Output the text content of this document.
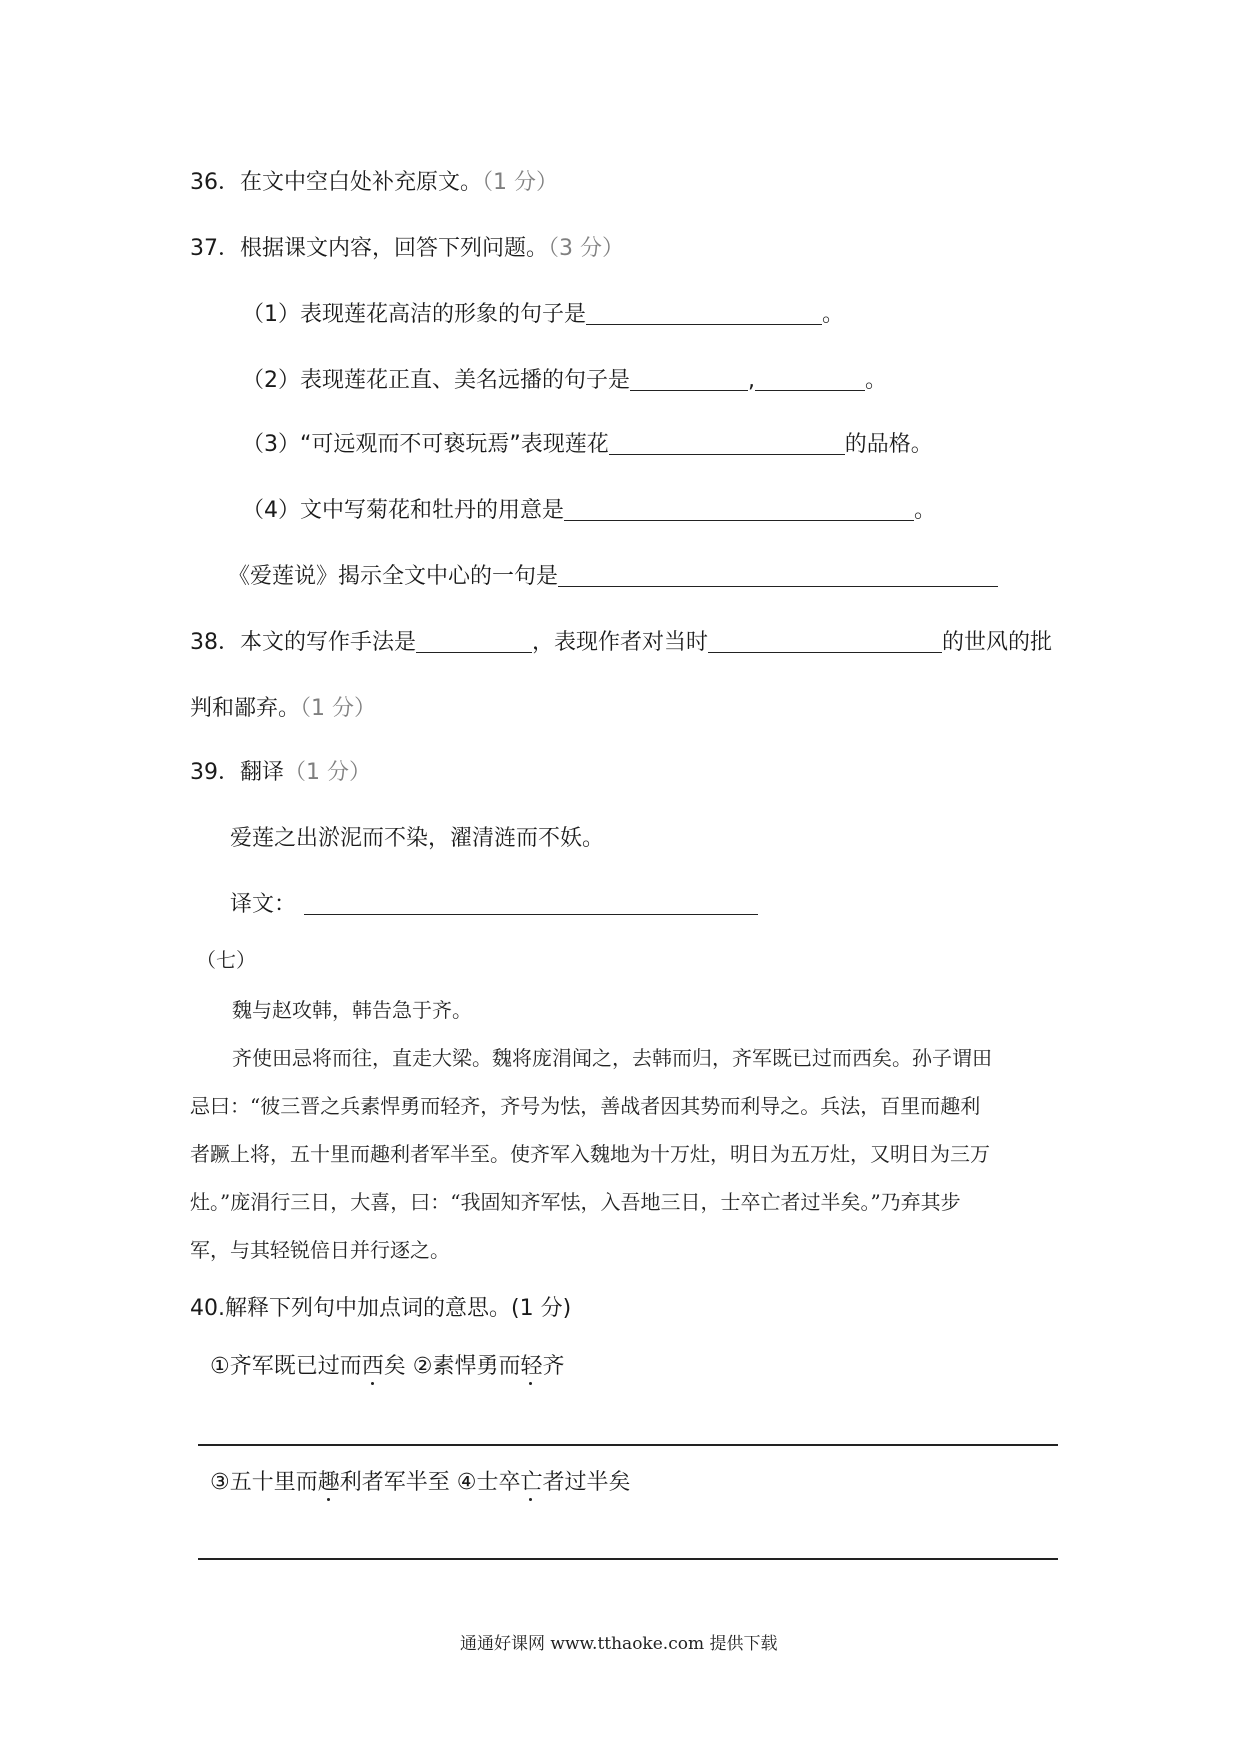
36．在文中空白处补充原文。（1 分）
37．根据课文内容，回答下列问题。（3 分）
（1）表现莲花高洁的形象的句子是	。
（2）表现莲花正直、美名远播的句子是	,	。
（3）“可远观而不可亵玩焉”表现莲花	的品格。
（4）文中写菊花和牡丹的用意是	。
《爱莲说》揭示全文中心的一句是
38．本文的写作手法是	，表现作者对当时	的世风的批
判和鄙弃。（1 分）
39．翻译（1 分）
爱莲之出淤泥而不染，濯清涟而不妖。
译文：
（七）
魏与赵攻韩，韩告急于齐。
齐使田忌将而往，直走大梁。魏将庞涓闻之，去韩而归，齐军既已过而西矣。孙子谓田
忌曰：“彼三晋之兵素悍勇而轻齐，齐号为怯，善战者因其势而利导之。兵法，百里而趣利
者蹶上将，五十里而趣利者军半至。使齐军入魏地为十万灶，明日为五万灶，又明日为三万
灶。”庞涓行三日，大喜，曰：“我固知齐军怯，入吾地三日，士卒亡者过半矣。”乃弃其步
军，与其轻锐倍日并行逐之。
40.解释下列句中加点词的意思。(1 分)
①齐军既已过而西矣 ②素悍勇而轻齐
③五十里而趣利者军半至 ④士卒亡者过半矣
通通好课网 www.tthaoke.com 提供下载
